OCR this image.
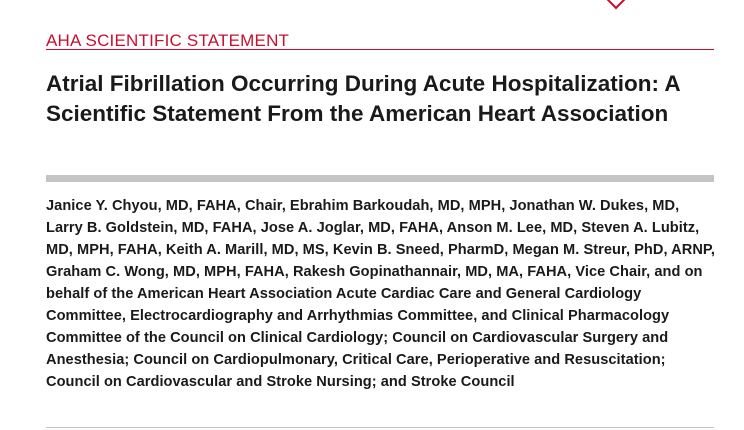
AHA SCIENTIFIC STATEMENT
Atrial Fibrillation Occurring During Acute Hospitalization: A Scientific Statement From the American Heart Association

Janice Y. Chyou, MD, FAHA, Chair, Ebrahim Barkoudah, MD, MPH, Jonathan W. Dukes, MD, Larry B. Goldstein, MD, FAHA, Jose A. Joglar, MD, FAHA, Anson M. Lee, MD, Steven A. Lubitz, MD, MPH, FAHA, Keith A. Marill, MD, MS, Kevin B. Sneed, PharmD, Megan M. Streur, PhD, ARNP, Graham C. Wong, MD, MPH, FAHA, Rakesh Gopinathannair, MD, MA, FAHA, Vice Chair, and on behalf of the American Heart Association Acute Cardiac Care and General Cardiology Committee, Electrocardiography and Arrhythmias Committee, and Clinical Pharmacology Committee of the Council on Clinical Cardiology; Council on Cardiovascular Surgery and Anesthesia; Council on Cardiopulmonary, Critical Care, Perioperative and Resuscitation; Council on Cardiovascular and Stroke Nursing; and Stroke Council
